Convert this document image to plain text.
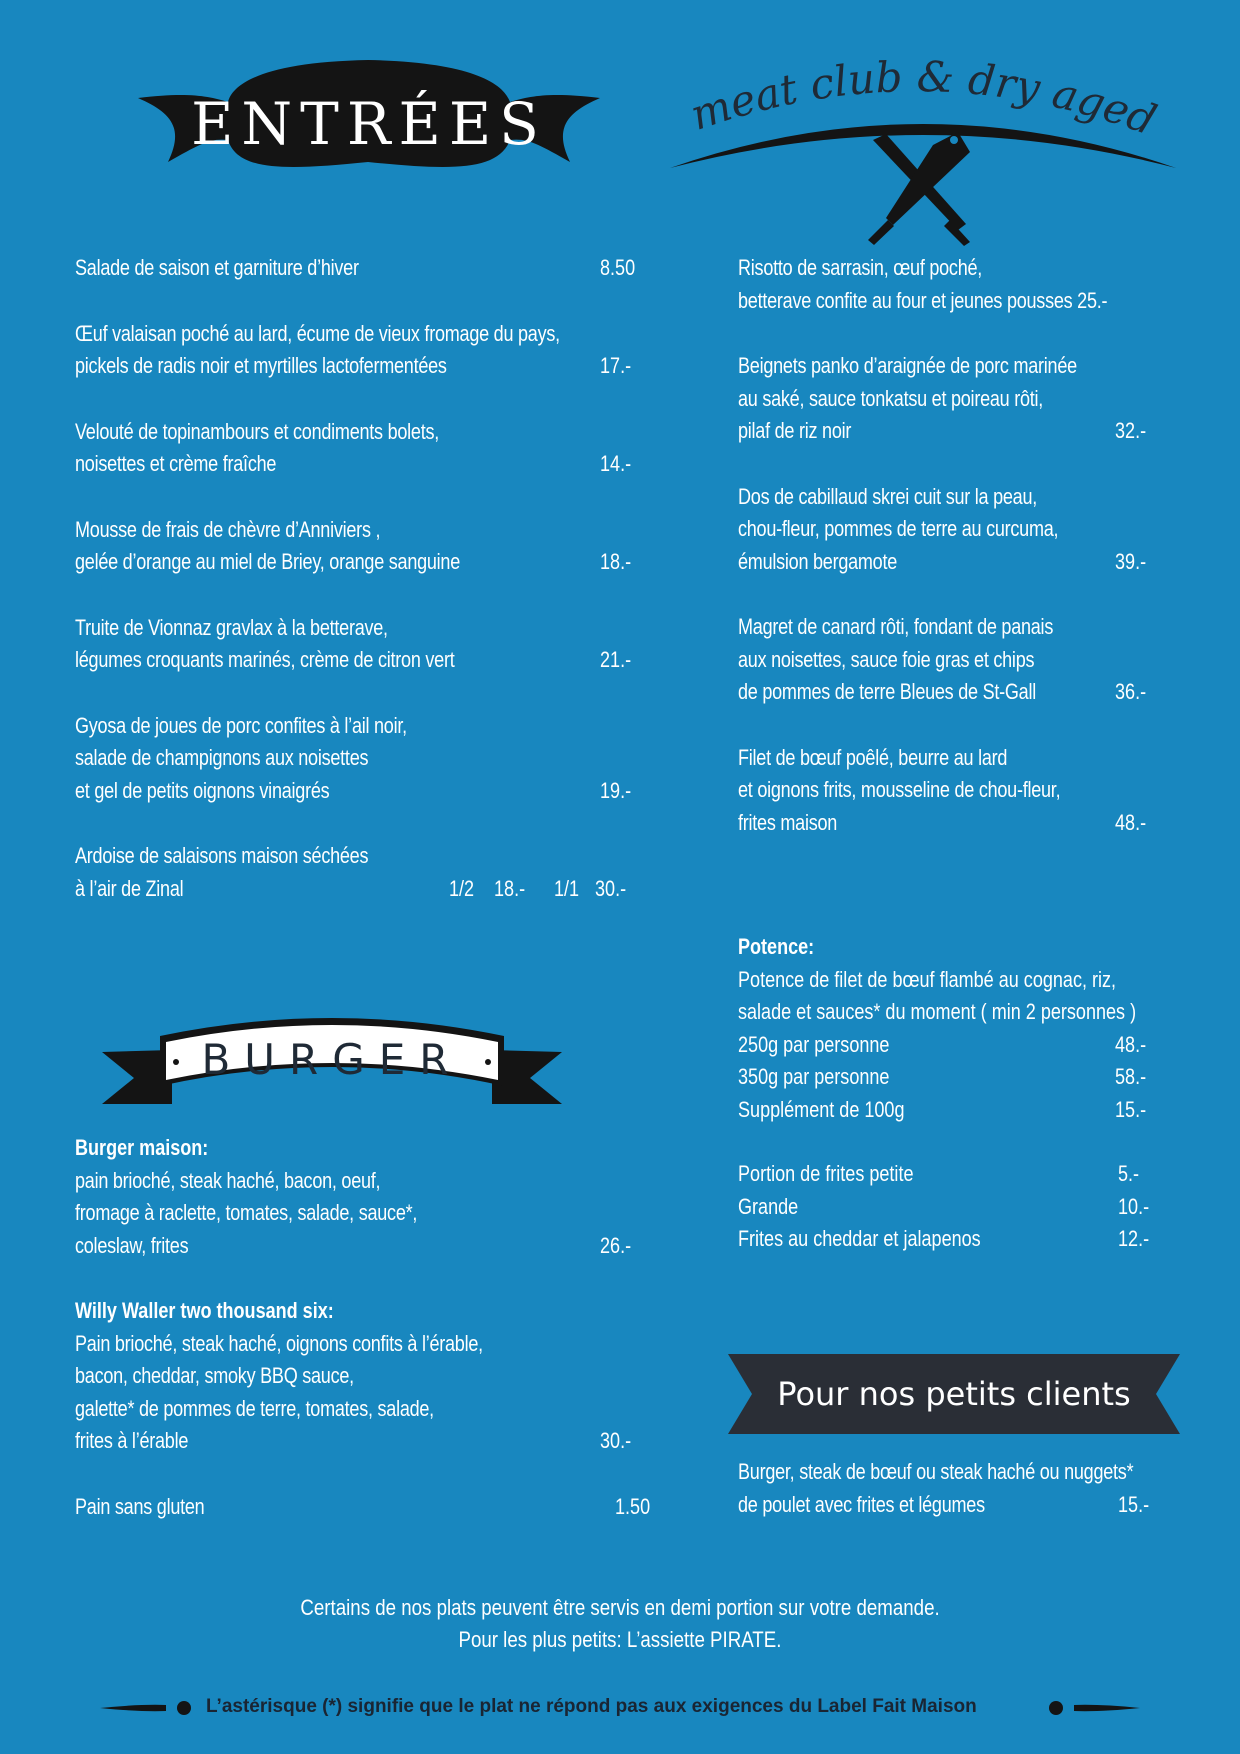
ENTRÉES	meat club & dry aged
Salade de saison et garniture d’hiver	8.50
Œuf valaisan poché au lard, écume de vieux fromage du pays,
pickels de radis noir et myrtilles lactofermentées	17.-
Velouté de topinambours et condiments bolets,
noisettes et crème fraîche	14.-
Mousse de frais de chèvre d’Anniviers ,
gelée d’orange au miel de Briey, orange sanguine	18.-
Truite de Vionnaz gravlax à la betterave,
légumes croquants marinés, crème de citron vert	21.-
Gyosa de joues de porc confites à l’ail noir,
salade de champignons aux noisettes
et gel de petits oignons vinaigrés	19.-
Ardoise de salaisons maison séchées
à l’air de Zinal	1/2 18.- 1/1 30.-
BURGER
Burger maison:
pain brioché, steak haché, bacon, oeuf,
fromage à raclette, tomates, salade, sauce*,
coleslaw, frites	26.-
Willy Waller two thousand six:
Pain brioché, steak haché, oignons confits à l’érable,
bacon, cheddar, smoky BBQ sauce,
galette* de pommes de terre, tomates, salade,
frites à l’érable	30.-
Pain sans gluten	1.50
Risotto de sarrasin, œuf poché,
betterave confite au four et jeunes pousses 25.-
Beignets panko d’araignée de porc marinée
au saké, sauce tonkatsu et poireau rôti,
pilaf de riz noir	32.-
Dos de cabillaud skrei cuit sur la peau,
chou-fleur, pommes de terre au curcuma,
émulsion bergamote	39.-
Magret de canard rôti, fondant de panais
aux noisettes, sauce foie gras et chips
de pommes de terre Bleues de St-Gall	36.-
Filet de bœuf poêlé, beurre au lard
et oignons frits, mousseline de chou-fleur,
frites maison	48.-
Potence:
Potence de filet de bœuf flambé au cognac, riz,
salade et sauces* du moment ( min 2 personnes )
250g par personne	48.-
350g par personne	58.-
Supplément de 100g	15.-
Portion de frites petite	5.-
Grande	10.-
Frites au cheddar et jalapenos	12.-
Pour nos petits clients
Burger, steak de bœuf ou steak haché ou nuggets*
de poulet avec frites et légumes	15.-
Certains de nos plats peuvent être servis en demi portion sur votre demande.
Pour les plus petits: L’assiette PIRATE.
L’astérisque (*) signifie que le plat ne répond pas aux exigences du Label Fait Maison
